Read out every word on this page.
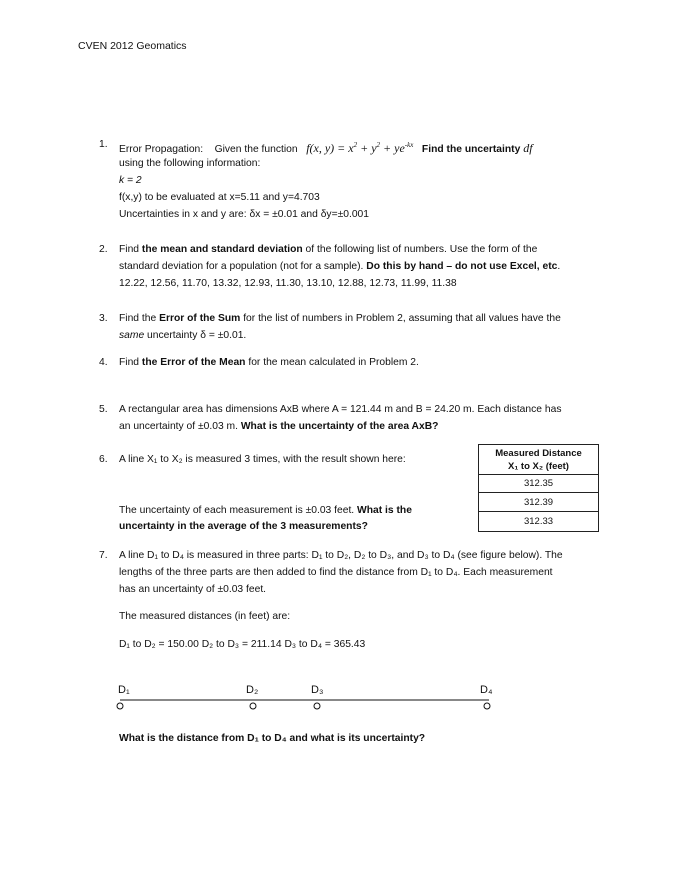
CVEN 2012 Geomatics
1. Error Propagation: Given the function f(x, $y) = x^2 + y^2 + ye^{-kx}$ Find the uncertainty df
using the following information:
k = 2
f(x,y) to be evaluated at x=5.11 and y=4.703
Uncertainties in x and y are: δx = ±0.01 and δy=±0.001
2. Find the mean and standard deviation of the following list of numbers. Use the form of the
standard deviation for a population (not for a sample). Do this by hand – do not use Excel, etc.
12.22, 12.56, 11.70, 13.32, 12.93, 11.30, 13.10, 12.88, 12.73, 11.99, 11.38
3. Find the Error of the Sum for the list of numbers in Problem 2, assuming that all values have the
same uncertainty δ = ±0.01.
4. Find the Error of the Mean for the mean calculated in Problem 2.
5. A rectangular area has dimensions AxB where A = 121.44 m and B = 24.20 m. Each distance has
an uncertainty of ±0.03 m. What is the uncertainty of the area AxB?
6. A line X₁ to X₂ is measured 3 times, with the result shown here:
The uncertainty of each measurement is ±0.03 feet. What is the
uncertainty in the average of the 3 measurements?
Measured Distance
X₁ to X₂ (feet)
312.35
312.39
312.33
7. A line D₁ to D₄ is measured in three parts: D₁ to D₂, D₂ to D₃, and D₃ to D₄ (see figure below). The
lengths of the three parts are then added to find the distance from D₁ to D₄. Each measurement
has an uncertainty of ±0.03 feet.
The measured distances (in feet) are:
D₁ to D₂ = 150.00 D₂ to D₃ = 211.14 D₃ to D₄ = 365.43
D₁	D₂	D₃	D₄
What is the distance from D₁ to D₄ and what is its uncertainty?
